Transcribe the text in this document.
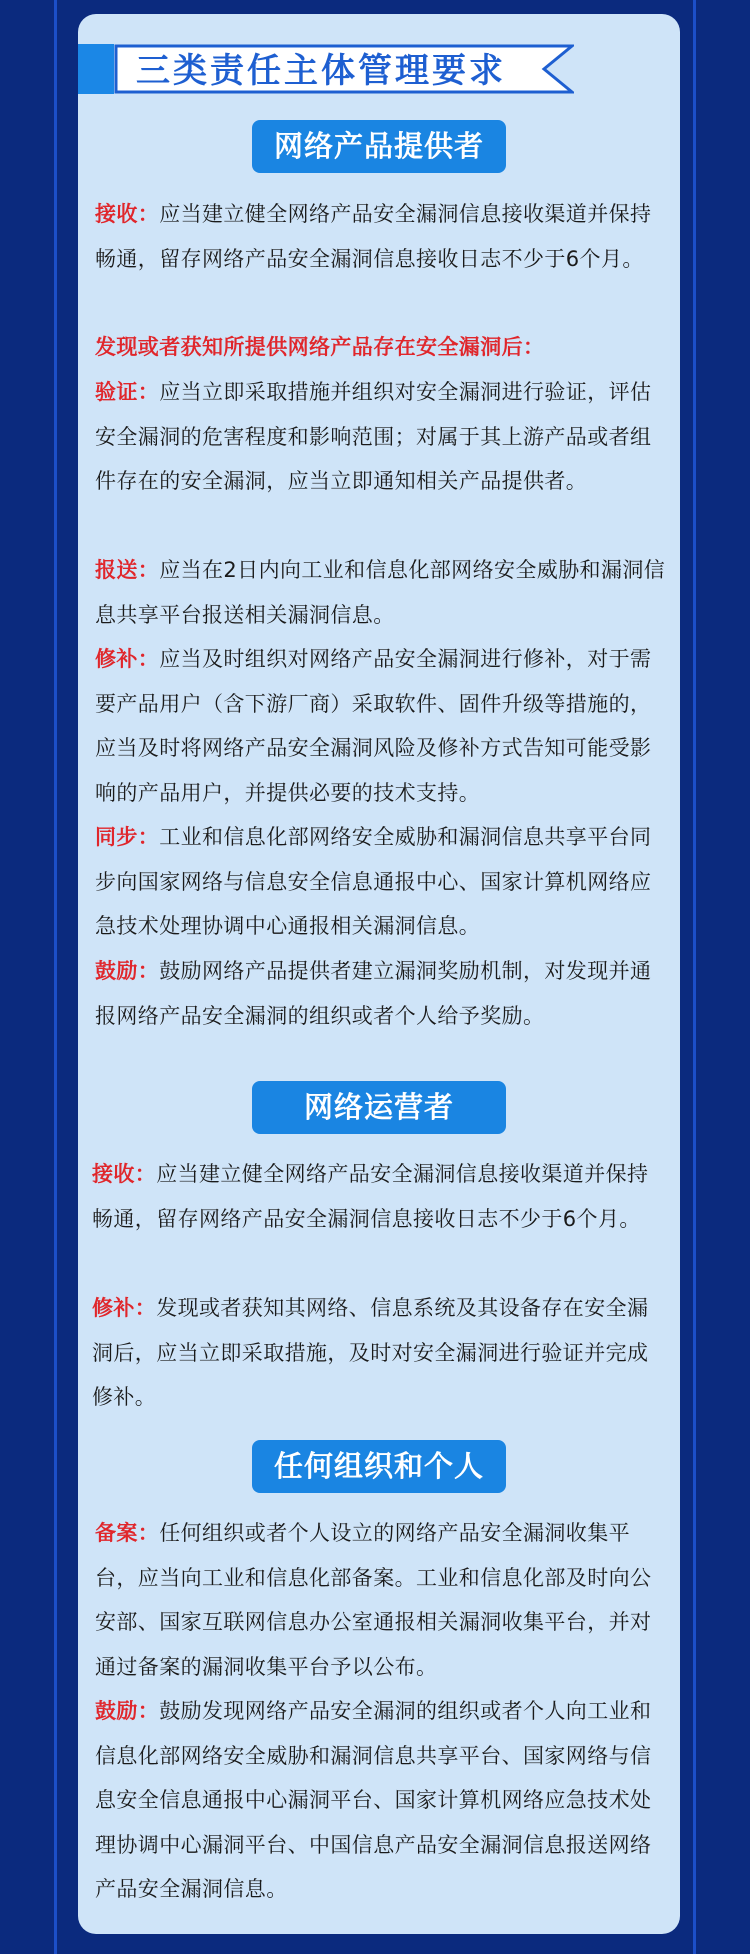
三类责任主体管理要求
网络产品提供者
接收：应当建立健全网络产品安全漏洞信息接收渠道并保持畅通，留存网络产品安全漏洞信息接收日志不少于6个月。
发现或者获知所提供网络产品存在安全漏洞后：
验证：应当立即采取措施并组织对安全漏洞进行验证，评估安全漏洞的危害程度和影响范围；对属于其上游产品或者组件存在的安全漏洞，应当立即通知相关产品提供者。
报送：应当在2日内向工业和信息化部网络安全威胁和漏洞信息共享平台报送相关漏洞信息。
修补：应当及时组织对网络产品安全漏洞进行修补，对于需要产品用户（含下游厂商）采取软件、固件升级等措施的，应当及时将网络产品安全漏洞风险及修补方式告知可能受影响的产品用户，并提供必要的技术支持。
同步：工业和信息化部网络安全威胁和漏洞信息共享平台同步向国家网络与信息安全信息通报中心、国家计算机网络应急技术处理协调中心通报相关漏洞信息。
鼓励：鼓励网络产品提供者建立漏洞奖励机制，对发现并通报网络产品安全漏洞的组织或者个人给予奖励。
网络运营者
接收：应当建立健全网络产品安全漏洞信息接收渠道并保持畅通，留存网络产品安全漏洞信息接收日志不少于6个月。
修补：发现或者获知其网络、信息系统及其设备存在安全漏洞后，应当立即采取措施，及时对安全漏洞进行验证并完成修补。
任何组织和个人
备案：任何组织或者个人设立的网络产品安全漏洞收集平台，应当向工业和信息化部备案。工业和信息化部及时向公安部、国家互联网信息办公室通报相关漏洞收集平台，并对通过备案的漏洞收集平台予以公布。
鼓励：鼓励发现网络产品安全漏洞的组织或者个人向工业和信息化部网络安全威胁和漏洞信息共享平台、国家网络与信息安全信息通报中心漏洞平台、国家计算机网络应急技术处理协调中心漏洞平台、中国信息产品安全漏洞信息报送网络产品安全漏洞信息。
